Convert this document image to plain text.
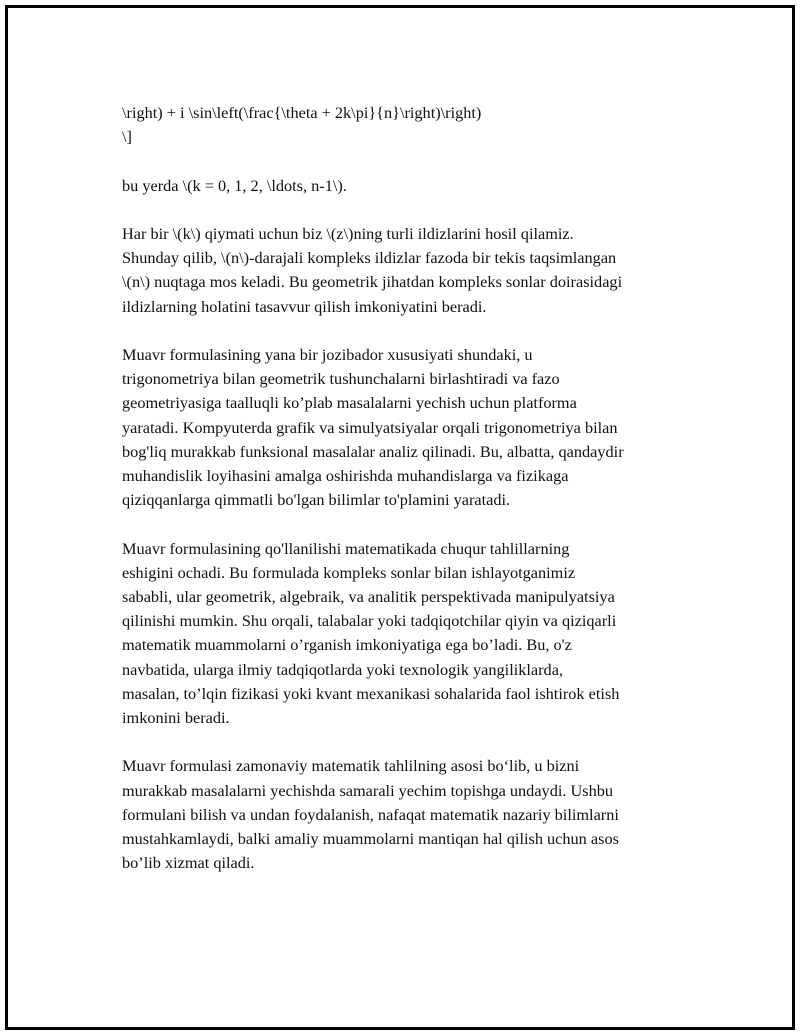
\right) + i \sin\left(\frac{\theta + 2k\pi}{n}\right)\right)
\]

bu yerda \(k = 0, 1, 2, \ldots, n-1\).

Har bir \(k\) qiymati uchun biz \(z\)ning turli ildizlarini hosil qilamiz.
Shunday qilib, \(n\)-darajali kompleks ildizlar fazoda bir tekis taqsimlangan
\(n\) nuqtaga mos keladi. Bu geometrik jihatdan kompleks sonlar doirasidagi
ildizlarning holatini tasavvur qilish imkoniyatini beradi.

Muavr formulasining yana bir jozibador xususiyati shundaki, u
trigonometriya bilan geometrik tushunchalarni birlashtiradi va fazo
geometriyasiga taalluqli ko’plab masalalarni yechish uchun platforma
yaratadi. Kompyuterda grafik va simulyatsiyalar orqali trigonometriya bilan
bog'liq murakkab funksional masalalar analiz qilinadi. Bu, albatta, qandaydir
muhandislik loyihasini amalga oshirishda muhandislarga va fizikaga
qiziqqanlarga qimmatli bo'lgan bilimlar to'plamini yaratadi.

Muavr formulasining qo'llanilishi matematikada chuqur tahlillarning
eshigini ochadi. Bu formulada kompleks sonlar bilan ishlayotganimiz
sababli, ular geometrik, algebraik, va analitik perspektivada manipulyatsiya
qilinishi mumkin. Shu orqali, talabalar yoki tadqiqotchilar qiyin va qiziqarli
matematik muammolarni o’rganish imkoniyatiga ega bo’ladi. Bu, o'z
navbatida, ularga ilmiy tadqiqotlarda yoki texnologik yangiliklarda,
masalan, to’lqin fizikasi yoki kvant mexanikasi sohalarida faol ishtirok etish
imkonini beradi.

Muavr formulasi zamonaviy matematik tahlilning asosi bo‘lib, u bizni
murakkab masalalarni yechishda samarali yechim topishga undaydi. Ushbu
formulani bilish va undan foydalanish, nafaqat matematik nazariy bilimlarni
mustahkamlaydi, balki amaliy muammolarni mantiqan hal qilish uchun asos
bo’lib xizmat qiladi.
